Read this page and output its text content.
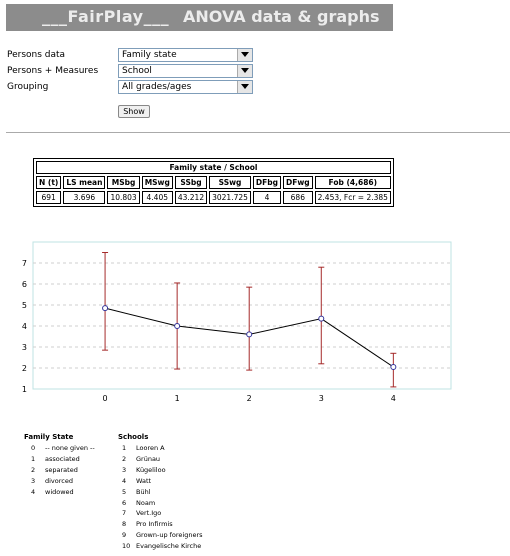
___FairPlay___ ANOVA data & graphs
Persons data	Family state
Persons + Measures	School
Grouping	All grades/ages
Show
Family state / School								
N (t)	LS mean	MSbg	MSwg	SSbg	SSwg	DFbg	DFwg	Fob (4,686)
691	3.696	10.803	4.405	43.212	3021.725	4	686	2.453, Fcr = 2.385
1
2
3
4
5
6
7
0	1	2	3	4
Family State
0 -- none given --
1 associated
2 separated
3 divorced
4 widowed
Schools
1 Looren A
2 Grünau
3 Kügeliloo
4 Watt
5 Bühl
6 Noam
7 Vert.Igo
8 Pro Infirmis
9 Grown-up foreigners
10 Evangelische Kirche
